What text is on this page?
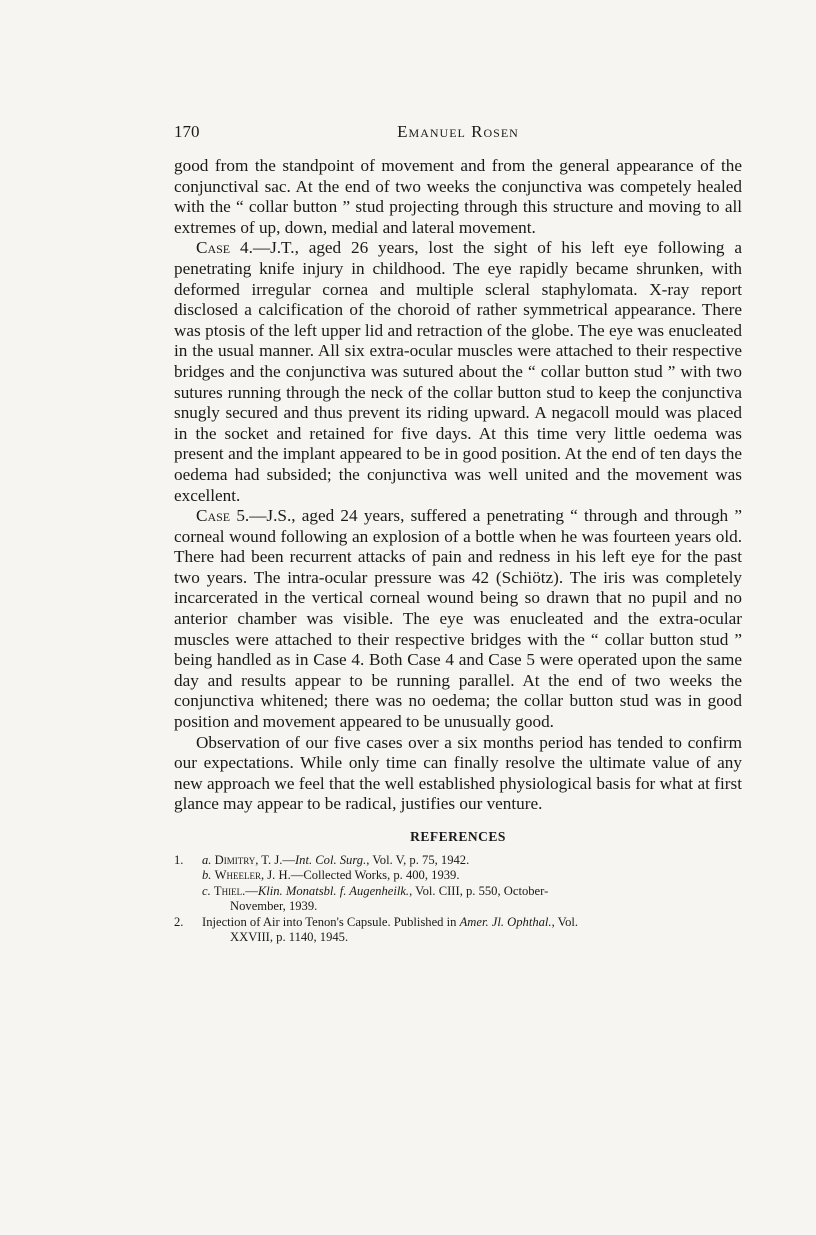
170	Emanuel Rosen

good from the standpoint of movement and from the general appearance of the conjunctival sac. At the end of two weeks the conjunctiva was competely healed with the “ collar button ” stud projecting through this structure and moving to all extremes of up, down, medial and lateral movement.

Case 4.—J.T., aged 26 years, lost the sight of his left eye following a penetrating knife injury in childhood. The eye rapidly became shrunken, with deformed irregular cornea and multiple scleral staphylomata. X-ray report disclosed a calcification of the choroid of rather symmetrical appearance. There was ptosis of the left upper lid and retraction of the globe. The eye was enucleated in the usual manner. All six extra-ocular muscles were attached to their respective bridges and the conjunctiva was sutured about the “ collar button stud ” with two sutures running through the neck of the collar button stud to keep the conjunctiva snugly secured and thus prevent its riding upward. A negacoll mould was placed in the socket and retained for five days. At this time very little oedema was present and the implant appeared to be in good position. At the end of ten days the oedema had subsided; the conjunctiva was well united and the movement was excellent.

Case 5.—J.S., aged 24 years, suffered a penetrating “ through and through ” corneal wound following an explosion of a bottle when he was fourteen years old. There had been recurrent attacks of pain and redness in his left eye for the past two years. The intra-ocular pressure was 42 (Schiötz). The iris was completely incarcerated in the vertical corneal wound being so drawn that no pupil and no anterior chamber was visible. The eye was enucleated and the extra-ocular muscles were attached to their respective bridges with the “ collar button stud ” being handled as in Case 4. Both Case 4 and Case 5 were operated upon the same day and results appear to be running parallel. At the end of two weeks the conjunctiva whitened; there was no oedema; the collar button stud was in good position and movement appeared to be unusually good.

Observation of our five cases over a six months period has tended to confirm our expectations. While only time can finally resolve the ultimate value of any new approach we feel that the well established physiological basis for what at first glance may appear to be radical, justifies our venture.

REFERENCES
1.	a. Dimitry, T. J.—Int. Col. Surg., Vol. V, p. 75, 1942.
b. Wheeler, J. H.—Collected Works, p. 400, 1939.
c. Thiel.—Klin. Monatsbl. f. Augenheilk., Vol. CIII, p. 550, October-
November, 1939.
2.	Injection of Air into Tenon's Capsule. Published in Amer. Jl. Ophthal., Vol.
XXVIII, p. 1140, 1945.
